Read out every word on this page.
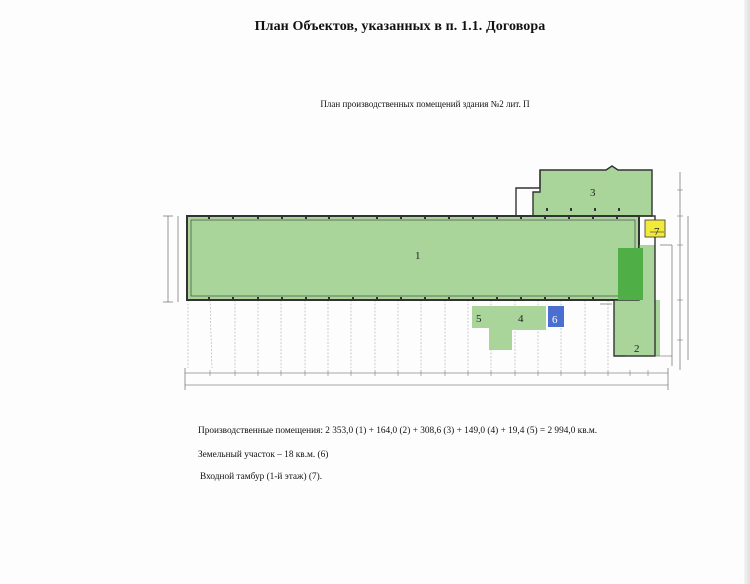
План Объектов, указанных в п. 1.1. Договора
План производственных помещений здания №2 лит. П
1
2
3
4
5	6
7
Производственные помещения: 2 353,0 (1) + 164,0 (2) + 308,6 (3) + 149,0 (4) + 19,4 (5) = 2 994,0 кв.м.
Земельный участок – 18 кв.м. (6)
Входной тамбур (1-й этаж) (7).
